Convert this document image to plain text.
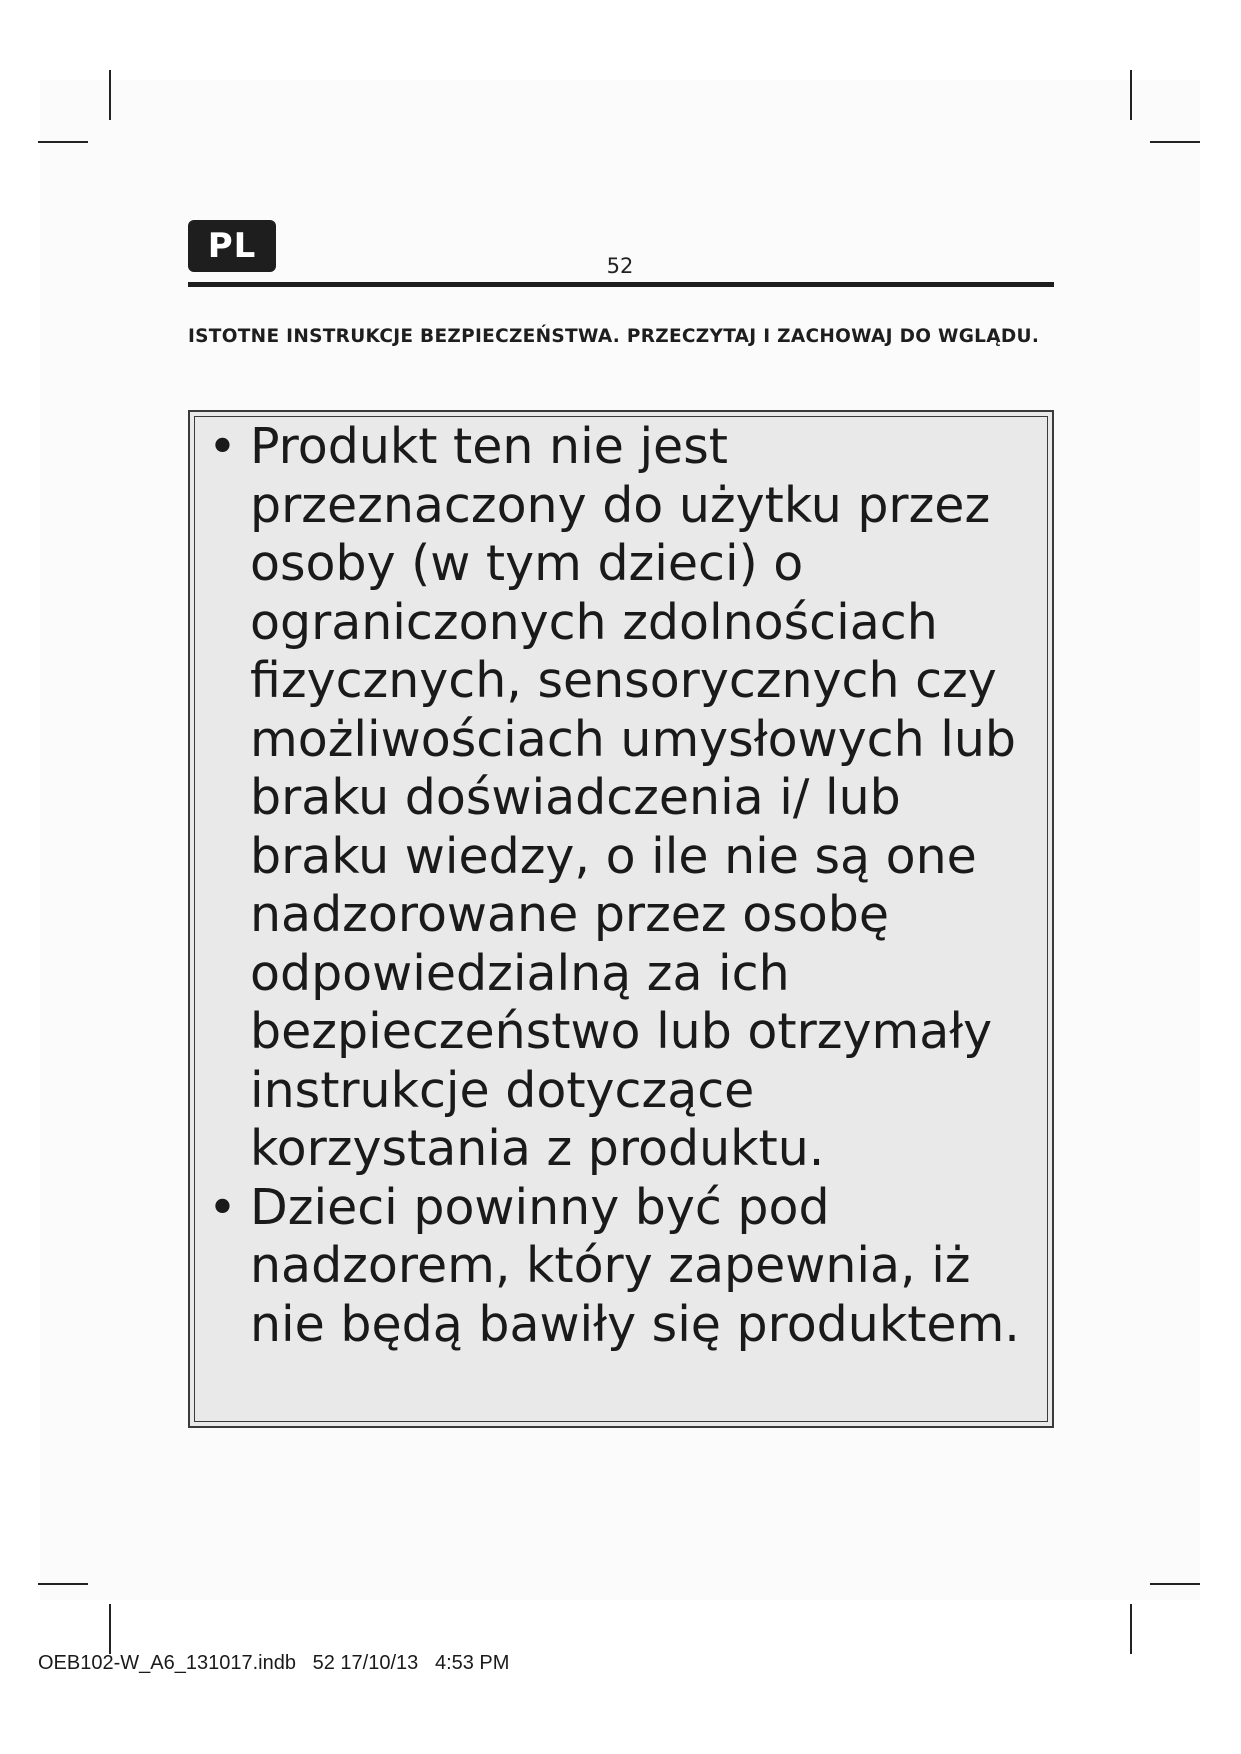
PL	52
ISTOTNE INSTRUKCJE BEZPIECZEŃSTWA. PRZECZYTAJ I ZACHOWAJ DO WGLĄDU.
• Produkt ten nie jest przeznaczony do użytku przez osoby (w tym dzieci) o ograniczonych zdolnościach fizycznych, sensorycznych czy możliwościach umysłowych lub braku doświadczenia i/ lub braku wiedzy, o ile nie są one nadzorowane przez osobę odpowiedzialną za ich bezpieczeństwo lub otrzymały instrukcje dotyczące korzystania z produktu.
• Dzieci powinny być pod nadzorem, który zapewnia, iż nie będą bawiły się produktem.
OEB102-W_A6_131017.indb   52 17/10/13   4:53 PM
